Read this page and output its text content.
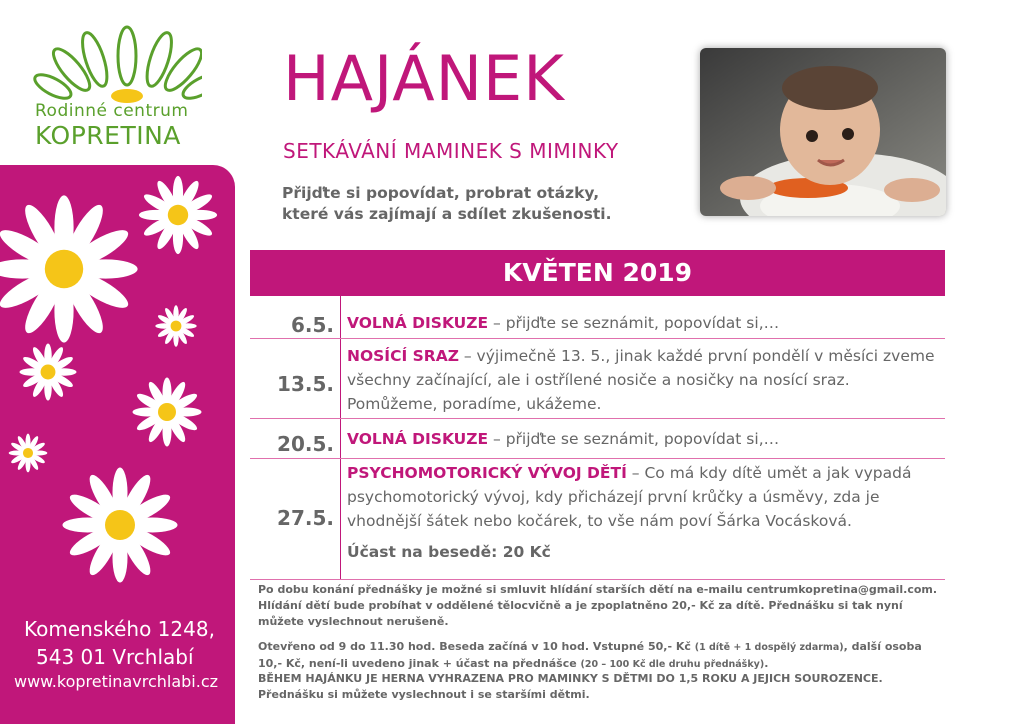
Rodinné centrum
KOPRETINA
Komenského 1248,
543 01 Vrchlabí
www.kopretinavrchlabi.cz
HAJÁNEK
SETKÁVÁNÍ MAMINEK S MIMINKY
Přijďte si popovídat, probrat otázky,
které vás zajímají a sdílet zkušenosti.
KVĚTEN 2019
6.5. VOLNÁ DISKUZE – přijďte se seznámit, popovídat si,…
13.5.
NOSÍCÍ SRAZ – výjimečně 13. 5., jinak každé první pondělí v měsíci zveme všechny začínající, ale i ostřílené nosiče a nosičky na nosící sraz. Pomůžeme, poradíme, ukážeme.
20.5. VOLNÁ DISKUZE – přijďte se seznámit, popovídat si,…
27.5.
PSYCHOMOTORICKÝ VÝVOJ DĚTÍ – Co má kdy dítě umět a jak vypadá psychomotorický vývoj, kdy přicházejí první krůčky a úsměvy, zda je vhodnější šátek nebo kočárek, to vše nám poví Šárka Vocásková.
Účast na besedě: 20 Kč
Po dobu konání přednášky je možné si smluvit hlídání starších dětí na e-mailu centrumkopretina@gmail.com. Hlídání dětí bude probíhat v oddělené tělocvičně a je zpoplatněno 20,- Kč za dítě. Přednášku si tak nyní můžete vyslechnout nerušeně.
Otevřeno od 9 do 11.30 hod. Beseda začíná v 10 hod. Vstupné 50,- Kč (1 dítě + 1 dospělý zdarma), další osoba 10,- Kč, není-li uvedeno jinak + účast na přednášce (20 – 100 Kč dle druhu přednášky).
BĚHEM HAJÁNKU JE HERNA VYHRAZENA PRO MAMINKY S DĚTMI DO 1,5 ROKU A JEJICH SOUROZENCE.
Přednášku si můžete vyslechnout i se staršími dětmi.
